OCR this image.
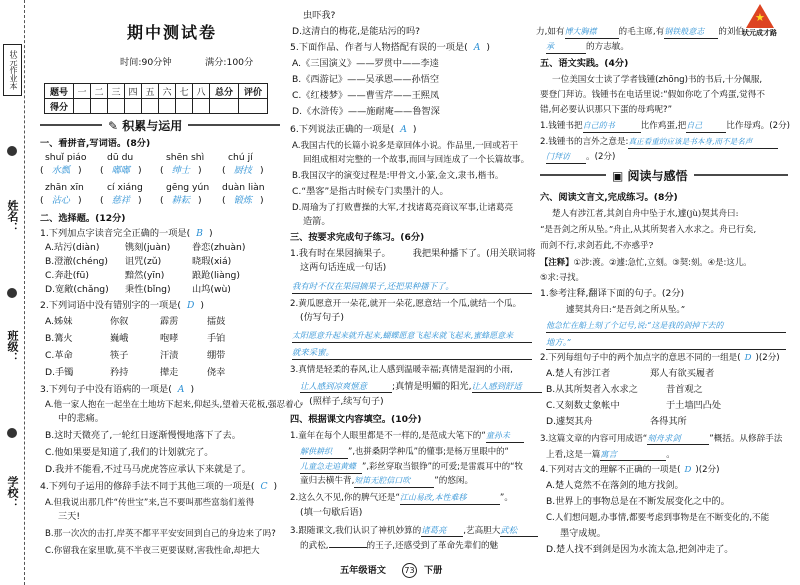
状元作业本
姓名：
班级：
学校：
期中测试卷
时间:90分钟	满分:100分
题号	一	二	三	四	五	六	七	八	总分	评价
得分										
✎ 积累与运用
一、看拼音,写词语。(8分)
shuǐ piáo dū du	shēn shì	chú jí
( 水瓢 ) ( 嘟嘟 ) ( 绅士 ) ( 厨技 )
zhān xīn	cí xiáng	gēng yún duàn liàn
( 沾心 ) ( 慈祥 ) ( 耕耘 ) ( 锻炼 )
二、选择题。(12分)
1.下列加点字读音完全正确的一项是( B )
A.玷污(diàn)	镌刻(juàn) 眷恋(zhuàn)
B.澄澈(chéng) 诅咒(zǔ)	晓瑕(xiá)
C.奔赴(fū)	黯然(yīn)	踉跄(liàng)
D.宽敞(chǎng) 秉性(bǐng) 山坞(wù)
2.下列词语中没有错别字的一项是( D )
A.姊妹	你叙	霹雳	擂鼓
B.篝火	巍峨	咆哮	手铂
C.革命	筷子	汗渍	绷带
D.手镯	矜持	撵走	侥幸
3.下列句子中没有语病的一项是( A )
A.他一家人抱在一起坐在土地坊下起来,仰起头,望着天花板,强忍着心
中的悲痛。
B.这时天微亮了,一轮红日逐渐慢慢地落下了去。
C.他如果要是知道了,我们的计划就完了。
D.我并不能看,不过马马虎虎答应承认下来就是了。
4.下列句子运用的修辞手法不同于其他三项的一项是( C )
A.但我说出那几件“传世宝”来,岂不要叫那些富翁们羞得
三天!
B.那一次次的击打,岸英不都平平安安回到自己的身边来了吗?
C.你留我在家里歇,莫不半夜三更要谋财,害我性命,却把大
虫吓我?
D.这清白的梅花,是能玷污的吗?
5.下面作品、作者与人物搭配有误的一项是( A )
A.《三国演义》——罗贯中——李逵
B.《西游记》——吴承恩——孙悟空
C.《红楼梦》——曹雪芹——王熙凤
D.《水浒传》——施耐庵——鲁智深
6.下列说法正确的一项是( A )
A.我国古代的长篇小说多是章回体小说。作品里,一回或若干
回组成相对完整的一个故事,而回与回连成了一个长篇故事。
B.我国汉字的演变过程是:甲骨文,小篆,金文,隶书,楷书。
C.“墨客”是指古时候专门卖墨汁的人。
D.周瑜为了打败曹操的大军,才找诸葛亮商议军事,让诸葛亮
造箭。
三、按要求完成句子练习。(6分)
1.我有时在果园摘果子。 我把果种播下了。(用关联词将
这两句话连成一句话)
我有时不仅在果园摘果子,还把果种播下了。
2.黄瓜愿意开一朵花,就开一朵花,愿意结一个瓜,就结一个瓜。
(仿写句子)
太阳愿意升起来就升起来,蝴蝶愿意飞起来就飞起来,蜜蜂愿意来
就来采蜜。
3.真情是轻柔的春风,让人感到温暖幸福;真情是湿润的小雨,
让人感到凉爽惬意	;真情是明媚的阳光,让人感到舒适
。(照样子,续写句子)
四、根据课文内容填空。(10分)
1.童年在每个人眼里都是不一样的,是范成大笔下的“童孙未
解供耕织 ”,也拼桑阴学种瓜”的懂事;是杨万里眼中的“
儿童急走追黄蝶 ”,彩丝穿取当银铮”的可爱;是雷震耳中的“牧
童归去横牛背,短笛无腔信口吹	”的悠闲。
2.这么久不见,你的脾气还是“江山易改,本性难移	”。
(填一句歇后语)
3.跟随课文,我们认识了神机妙算的诸葛亮 ,艺高胆大武松
的武松,	的王子,还感受到了革命先辈们的魅
五年级语文	73 下册
★
状元成才路
力,如有博大胸襟	的毛主席,有钢铁般意志 的刘伯
承	的方志敏。
五、语文实践。(4分)
一位美国女士读了学者钱锺(zhōng)书的书后,十分佩服,
要登门拜访。钱锺书在电话里说:“假如你吃了个鸡蛋,觉得不
错,何必要认识那只下蛋的母鸡呢?”
1.钱锺书把自己的书	比作鸡蛋,把自己	比作母鸡。(2分)
2.钱锺书的言外之意是:真正看重的应该是书本身,而不是名声
门拜访 。(2分)
▣ 阅读与感悟
六、阅读文言文,完成练习。(8分)
楚人有涉江者,其剑自舟中坠于水,遽(jù)契其舟曰:
“是吾剑之所从坠。”舟止,从其所契者入水求之。舟已行矣,
而剑不行,求剑若此,不亦惑乎?
【注释】①涉:渡。②遽:急忙,立刻。③契:刻。④是:这儿。
⑤求:寻找。
1.参考注释,翻译下面的句子。(2分)
遽契其舟曰:“是吾剑之所从坠。”
他急忙在船上刻了个记号,说:“这是我的剑掉下去的
地方。”
2.下列每组句子中的两个加点字的意思不同的一组是( D )(2分)
A.楚人有涉江者	郑人有欲买履者
B.从其所契者入水求之	昔首观之
C.又刻数丈象帐中	于土墙凹凸处
D.遽契其舟	各得其所
3.这篇文章的内容可用成语“刻舟求剑	”概括。从修辞手法
上看,这是一篇寓言	。
4.下列对古文的理解不正确的一项是( D )(2分)
A.楚人竟然不在落剑的地方找剑。
B.世界上的事物总是在不断发展变化之中的。
C.人们想问题,办事情,都要考虑到事物是在不断变化的,不能
墨守成规。
D.楚人找不到剑是因为水流太急,把剑冲走了。
